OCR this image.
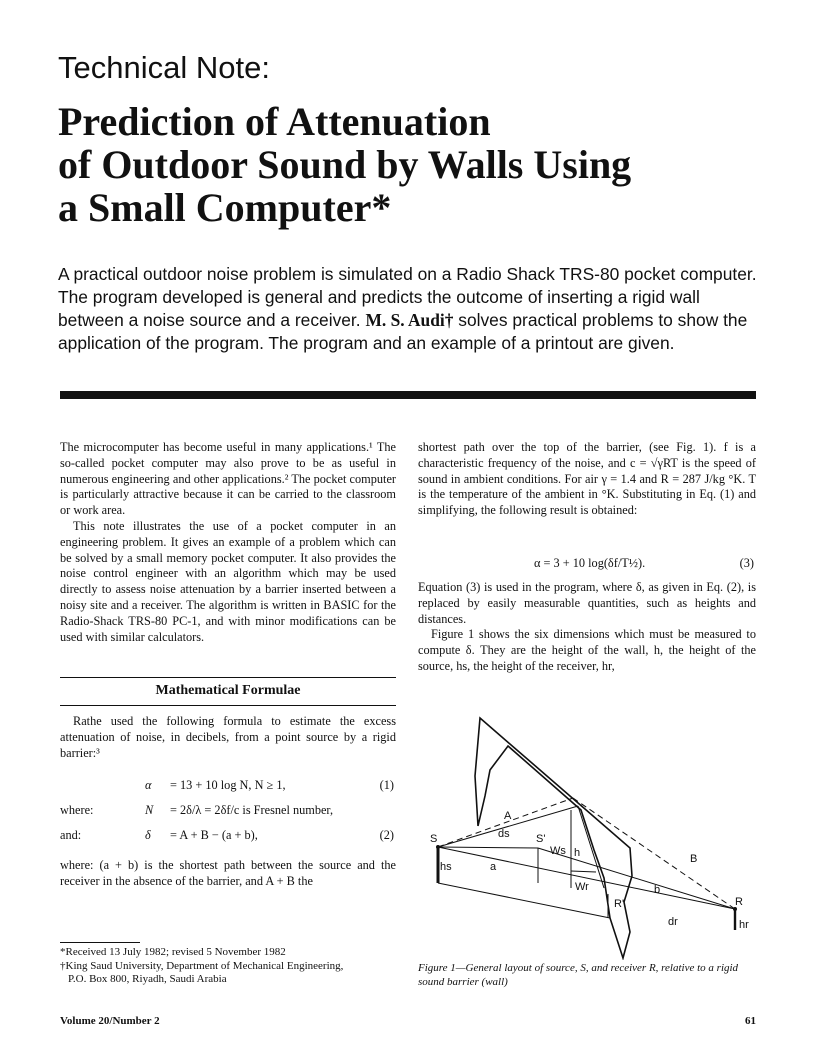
Technical Note:
Prediction of Attenuation
of Outdoor Sound by Walls Using
a Small Computer*

A practical outdoor noise problem is simulated on a Radio Shack TRS-80 pocket computer. The program developed is general and predicts the outcome of inserting a rigid wall between a noise source and a receiver. M. S. Audi† solves practical problems to show the application of the program. The program and an example of a printout are given.

The microcomputer has become useful in many applications.¹ The so-called pocket computer may also prove to be as useful in numerous engineering and other applications.² The pocket computer is particularly attractive because it can be carried to the classroom or work area.

This note illustrates the use of a pocket computer in an engineering problem. It gives an example of a problem which can be solved by a small memory pocket computer. It also provides the noise control engineer with an algorithm which may be used directly to assess noise attenuation by a barrier inserted between a noisy site and a receiver. The algorithm is written in BASIC for the Radio-Shack TRS-80 PC-1, and with minor modifications can be used with similar calculators.

Mathematical Formulae

Rathe used the following formula to estimate the excess attenuation of noise, in decibels, from a point source by a rigid barrier:³

α = 13 + 10 log N, N ≥ 1,	(1)
where:	N = 2δ/λ = 2δf/c is Fresnel number,
and:	δ = A + B − (a + b),	(2)
where: (a + b) is the shortest path between the source and the receiver in the absence of the barrier, and A + B the

shortest path over the top of the barrier, (see Fig. 1). f is a characteristic frequency of the noise, and c = √γRT is the speed of sound in ambient conditions. For air γ = 1.4 and R = 287 J/kg °K. T is the temperature of the ambient in °K. Substituting in Eq. (1) and simplifying, the following result is obtained:

α = 3 + 10 log(δf/T½).	(3)

Equation (3) is used in the program, where δ, as given in Eq. (2), is replaced by easily measurable quantities, such as heights and distances.

Figure 1 shows the six dimensions which must be measured to compute δ. They are the height of the wall, h, the height of the source, hs, the height of the receiver, hr,

S
hs
A
ds S'
Ws h
a
B
b
Wr
R'	R
dr	hr
Figure 1—General layout of source, S, and receiver R, relative to a rigid sound barrier (wall)
*Received 13 July 1982; revised 5 November 1982
†King Saud University, Department of Mechanical Engineering,
P.O. Box 800, Riyadh, Saudi Arabia
Volume 20/Number 2	61
